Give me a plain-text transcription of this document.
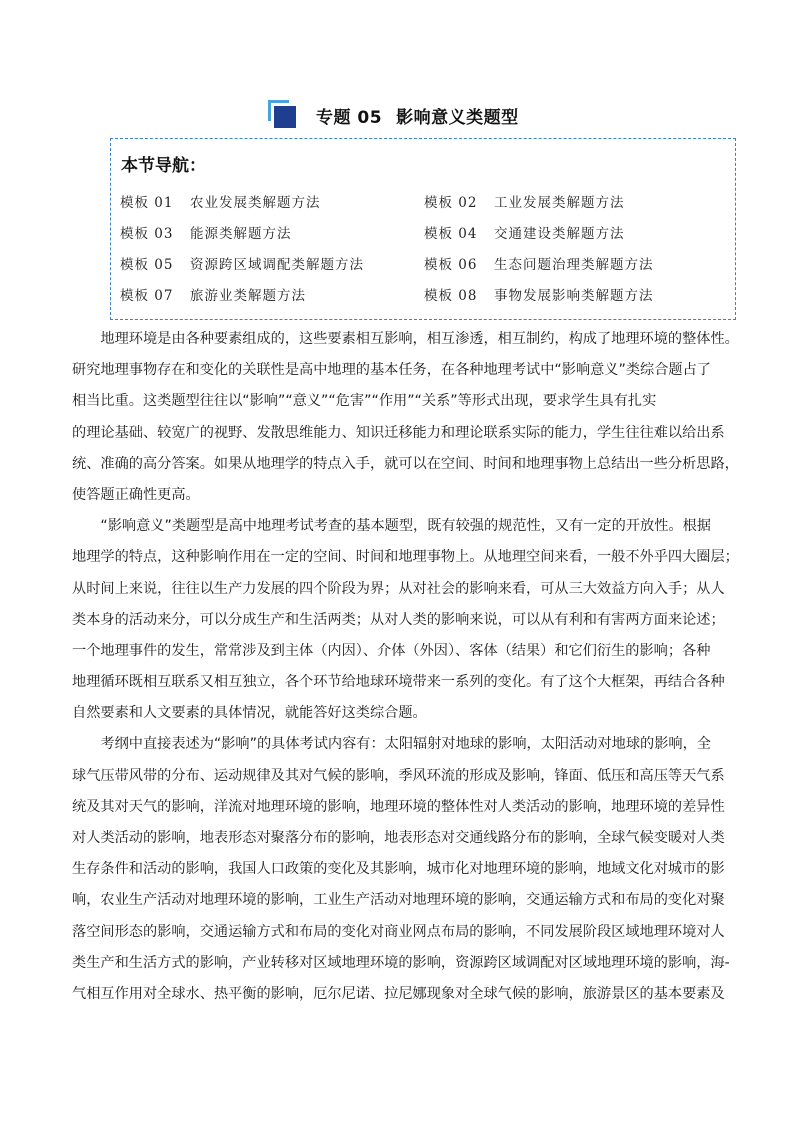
专题 05 影响意义类题型
本节导航：
模板 01 农业发展类解题方法	模板 02 工业发展类解题方法
模板 03 能源类解题方法	模板 04 交通建设类解题方法
模板 05 资源跨区域调配类解题方法	模板 06 生态问题治理类解题方法
模板 07 旅游业类解题方法	模板 08 事物发展影响类解题方法
　　地理环境是由各种要素组成的，这些要素相互影响，相互渗透，相互制约，构成了地理环境的整体性。
研究地理事物存在和变化的关联性是高中地理的基本任务，在各种地理考试中“影响意义”类综合题占了
相当比重。这类题型往往以“影响”“意义”“危害”“作用”“关系”等形式出现，要求学生具有扎实
的理论基础、较宽广的视野、发散思维能力、知识迁移能力和理论联系实际的能力，学生往往难以给出系
统、准确的高分答案。如果从地理学的特点入手，就可以在空间、时间和地理事物上总结出一些分析思路，
使答题正确性更高。
　　“影响意义”类题型是高中地理考试考查的基本题型，既有较强的规范性，又有一定的开放性。根据
地理学的特点，这种影响作用在一定的空间、时间和地理事物上。从地理空间来看，一般不外乎四大圈层；
从时间上来说，往往以生产力发展的四个阶段为界；从对社会的影响来看，可从三大效益方向入手；从人
类本身的活动来分，可以分成生产和生活两类；从对人类的影响来说，可以从有利和有害两方面来论述；
一个地理事件的发生，常常涉及到主体（内因）、介体（外因）、客体（结果）和它们衍生的影响；各种
地理循环既相互联系又相互独立，各个环节给地球环境带来一系列的变化。有了这个大框架，再结合各种
自然要素和人文要素的具体情况，就能答好这类综合题。
　　考纲中直接表述为“影响”的具体考试内容有：太阳辐射对地球的影响，太阳活动对地球的影响，全
球气压带风带的分布、运动规律及其对气候的影响，季风环流的形成及影响，锋面、低压和高压等天气系
统及其对天气的影响，洋流对地理环境的影响，地理环境的整体性对人类活动的影响，地理环境的差异性
对人类活动的影响，地表形态对聚落分布的影响，地表形态对交通线路分布的影响，全球气候变暖对人类
生存条件和活动的影响，我国人口政策的变化及其影响，城市化对地理环境的影响，地域文化对城市的影
响，农业生产活动对地理环境的影响，工业生产活动对地理环境的影响，交通运输方式和布局的变化对聚
落空间形态的影响，交通运输方式和布局的变化对商业网点布局的影响，不同发展阶段区域地理环境对人
类生产和生活方式的影响，产业转移对区域地理环境的影响，资源跨区域调配对区域地理环境的影响，海-
气相互作用对全球水、热平衡的影响，厄尔尼诺、拉尼娜现象对全球气候的影响，旅游景区的基本要素及
